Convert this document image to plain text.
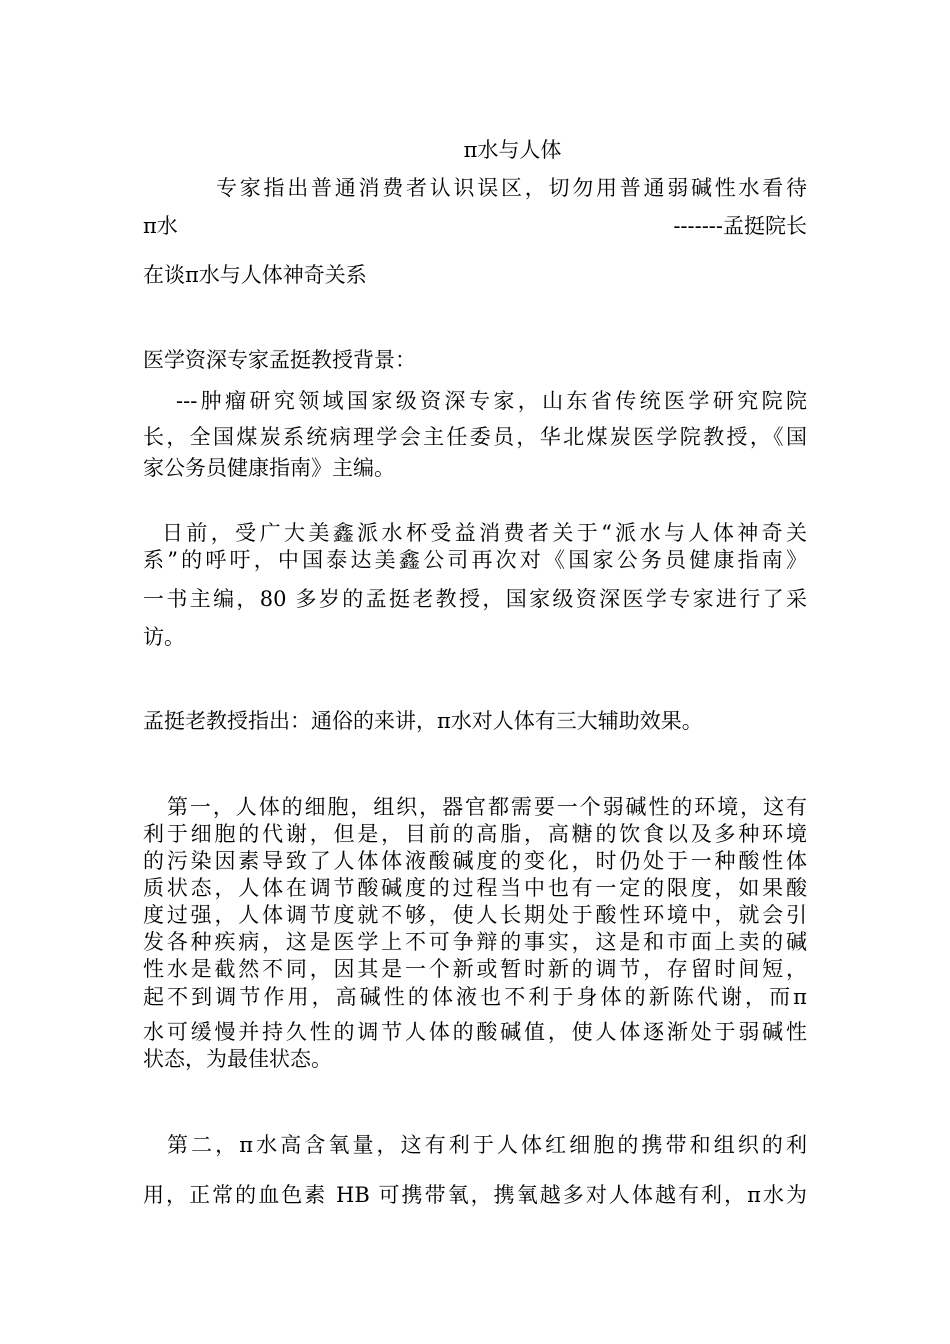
π水与人体
专家指出普通消费者认识误区，切勿用普通弱碱性水看待
π水	-------孟挺院长
在谈π水与人体神奇关系
医学资深专家孟挺教授背景：
---肿瘤研究领域国家级资深专家，山东省传统医学研究院院
长，全国煤炭系统病理学会主任委员，华北煤炭医学院教授，《国
家公务员健康指南》主编。
日前，受广大美鑫派水杯受益消费者关于“派水与人体神奇关
系”的呼吁，中国泰达美鑫公司再次对《国家公务员健康指南》
一书主编，80 多岁的孟挺老教授，国家级资深医学专家进行了采
访。
孟挺老教授指出：通俗的来讲，π水对人体有三大辅助效果。
第一，人体的细胞，组织，器官都需要一个弱碱性的环境，这有
利于细胞的代谢，但是，目前的高脂，高糖的饮食以及多种环境
的污染因素导致了人体体液酸碱度的变化，时仍处于一种酸性体
质状态，人体在调节酸碱度的过程当中也有一定的限度，如果酸
度过强，人体调节度就不够，使人长期处于酸性环境中，就会引
发各种疾病，这是医学上不可争辩的事实，这是和市面上卖的碱
性水是截然不同，因其是一个新或暂时新的调节，存留时间短，
起不到调节作用，高碱性的体液也不利于身体的新陈代谢，而π
水可缓慢并持久性的调节人体的酸碱值，使人体逐渐处于弱碱性
状态，为最佳状态。
第二，π水高含氧量，这有利于人体红细胞的携带和组织的利
用，正常的血色素 HB 可携带氧，携氧越多对人体越有利，π水为
